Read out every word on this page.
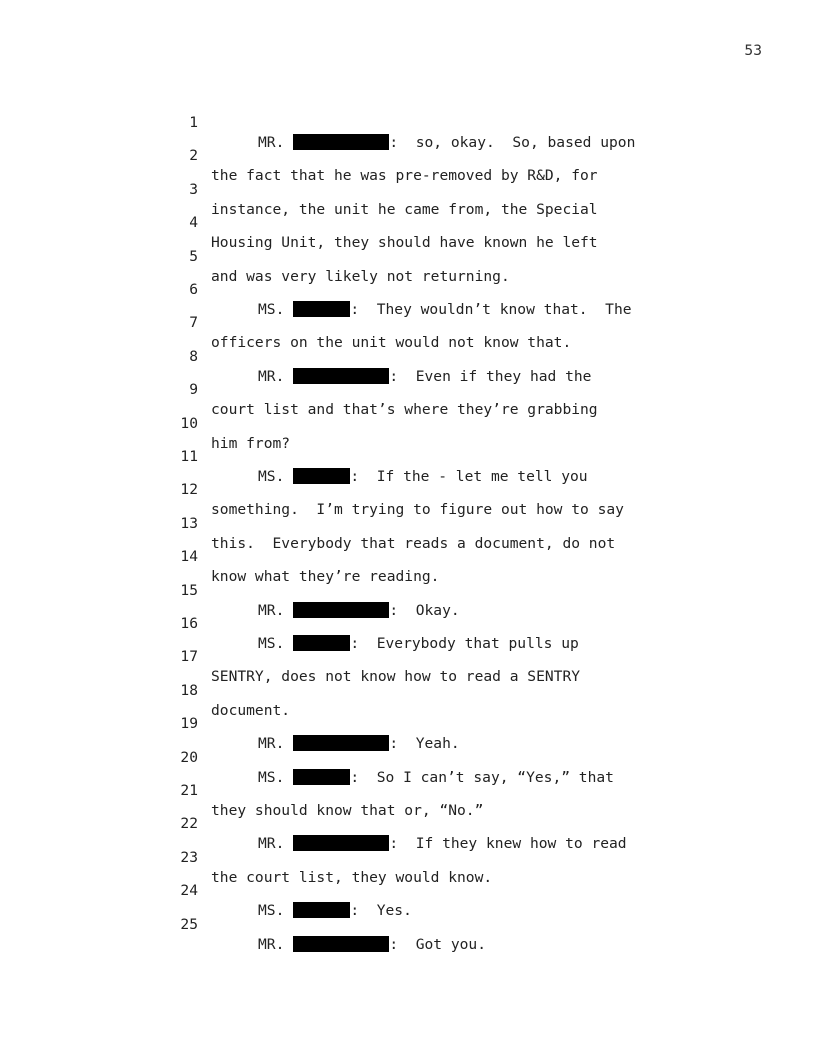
53

1

MR.	:  so, okay.  So, based upon

2

the fact that he was pre-removed by R&D, for

3

instance, the unit he came from, the Special

4

Housing Unit, they should have known he left

5

and was very likely not returning.

6

MS.	:  They wouldn’t know that.  The

7

officers on the unit would not know that.

8

MR.	:  Even if they had the

9

court list and that’s where they’re grabbing

10

him from?

11

MS.	:  If the - let me tell you

12

something.  I’m trying to figure out how to say

13

this.  Everybody that reads a document, do not

14

know what they’re reading.

15

MR.	:  Okay.

16

MS.	:  Everybody that pulls up

17

SENTRY, does not know how to read a SENTRY

18

document.

19

MR.	:  Yeah.

20

MS.	:  So I can’t say, “Yes,” that

21

they should know that or, “No.”

22

MR.	:  If they knew how to read

23

the court list, they would know.

24

MS.	:  Yes.

25

MR.	:  Got you.
